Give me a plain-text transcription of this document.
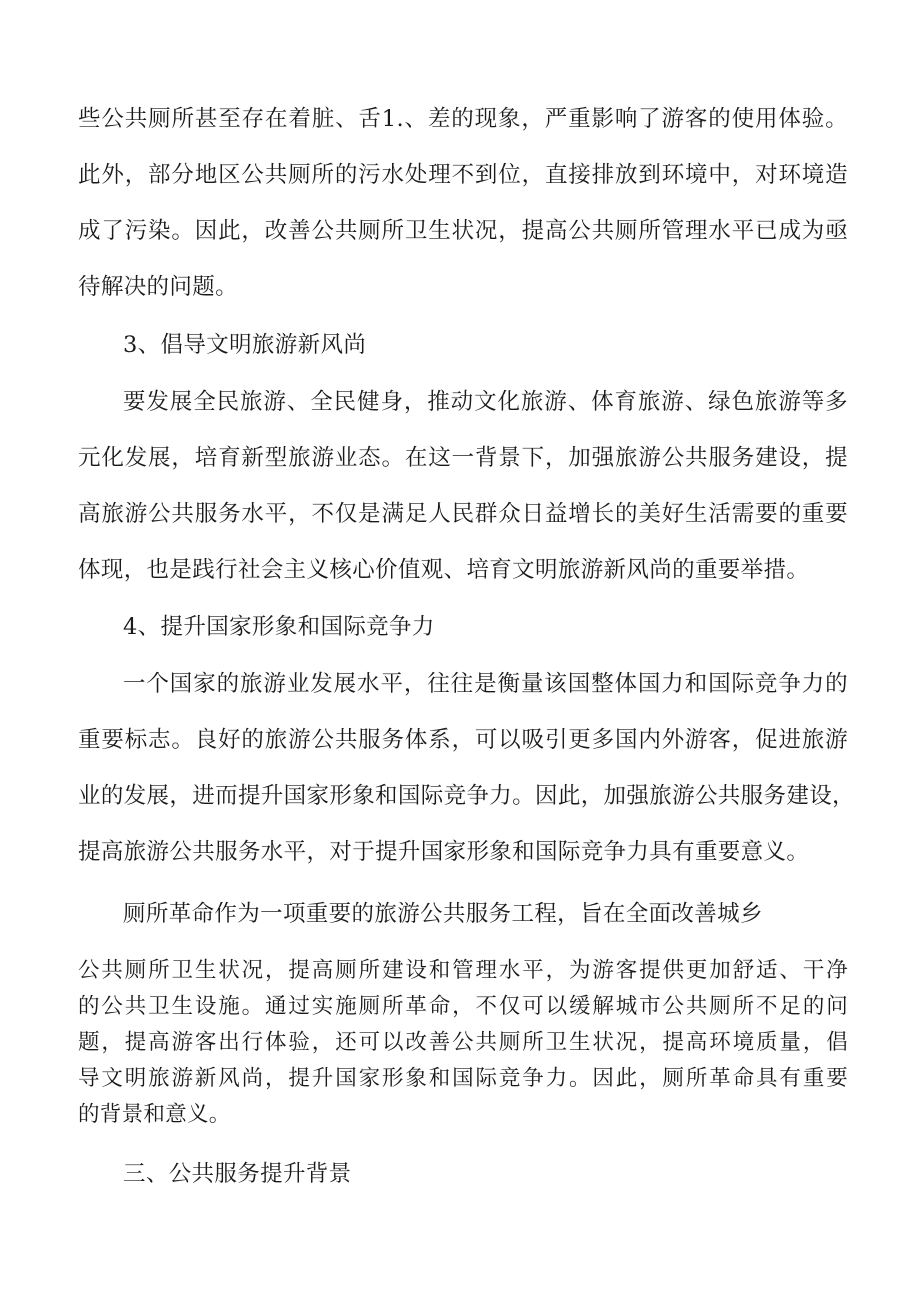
些公共厕所甚至存在着脏、舌1.、差的现象，严重影响了游客的使用体验。
此外，部分地区公共厕所的污水处理不到位，直接排放到环境中，对环境造
成了污染。因此，改善公共厕所卫生状况，提高公共厕所管理水平已成为亟
待解决的问题。
3、倡导文明旅游新风尚
要发展全民旅游、全民健身，推动文化旅游、体育旅游、绿色旅游等多
元化发展，培育新型旅游业态。在这一背景下，加强旅游公共服务建设，提
高旅游公共服务水平，不仅是满足人民群众日益增长的美好生活需要的重要
体现，也是践行社会主义核心价值观、培育文明旅游新风尚的重要举措。
4、提升国家形象和国际竞争力
一个国家的旅游业发展水平，往往是衡量该国整体国力和国际竞争力的
重要标志。良好的旅游公共服务体系，可以吸引更多国内外游客，促进旅游
业的发展，进而提升国家形象和国际竞争力。因此，加强旅游公共服务建设，
提高旅游公共服务水平，对于提升国家形象和国际竞争力具有重要意义。
厕所革命作为一项重要的旅游公共服务工程，旨在全面改善城乡
公共厕所卫生状况，提高厕所建设和管理水平，为游客提供更加舒适、干净
的公共卫生设施。通过实施厕所革命，不仅可以缓解城市公共厕所不足的问
题，提高游客出行体验，还可以改善公共厕所卫生状况，提高环境质量，倡
导文明旅游新风尚，提升国家形象和国际竞争力。因此，厕所革命具有重要
的背景和意义。
三、公共服务提升背景
